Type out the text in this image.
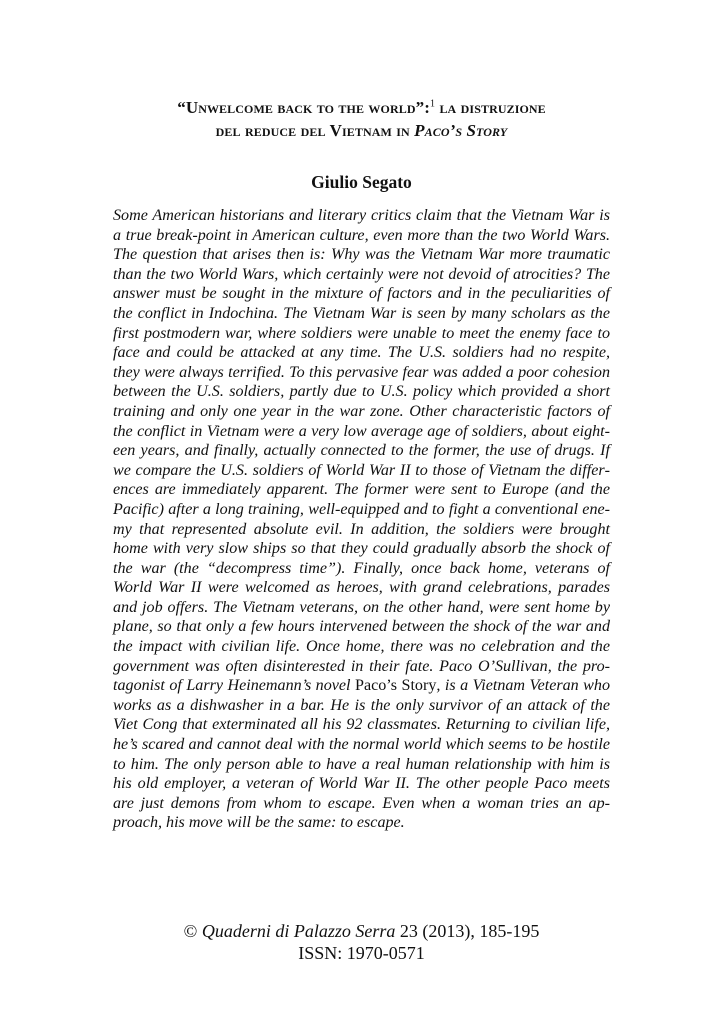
“Unwelcome back to the world”:$^1$ la distruzione
del reduce del Vietnam in Paco’s Story
Giulio Segato

Some American historians and literary critics claim that the Vietnam War is a true break-point in American culture, even more than the two World Wars. The question that arises then is: Why was the Vietnam War more traumatic than the two World Wars, which certainly were not devoid of atrocities? The answer must be sought in the mixture of factors and in the peculiarities of the conflict in Indochina. The Vietnam War is seen by many scholars as the first postmodern war, where soldiers were unable to meet the enemy face to face and could be attacked at any time. The U.S. soldiers had no respite, they were always terrified. To this pervasive fear was added a poor cohesion between the U.S. soldiers, partly due to U.S. policy which provided a short training and only one year in the war zone. Other characteristic factors of the conflict in Vietnam were a very low average age of soldiers, about eighteen years, and finally, actually connected to the former, the use of drugs. If we compare the U.S. soldiers of World War II to those of Vietnam the differences are immediately apparent. The former were sent to Europe (and the Pacific) after a long training, well-equipped and to fight a conventional enemy that represented absolute evil. In addition, the soldiers were brought home with very slow ships so that they could gradually absorb the shock of the war (the “decompress time”). Finally, once back home, veterans of World War II were welcomed as heroes, with grand celebrations, parades and job offers. The Vietnam veterans, on the other hand, were sent home by plane, so that only a few hours intervened between the shock of the war and the impact with civilian life. Once home, there was no celebration and the government was often disinterested in their fate. Paco O’Sullivan, the protagonist of Larry Heinemann’s novel Paco’s Story, is a Vietnam Veteran who works as a dishwasher in a bar. He is the only survivor of an attack of the Viet Cong that exterminated all his 92 classmates. Returning to civilian life, he’s scared and cannot deal with the normal world which seems to be hostile to him. The only person able to have a real human relationship with him is his old employer, a veteran of World War II. The other people Paco meets are just demons from whom to escape. Even when a woman tries an approach, his move will be the same: to escape.

© Quaderni di Palazzo Serra 23 (2013), 185-195
ISSN: 1970-0571
